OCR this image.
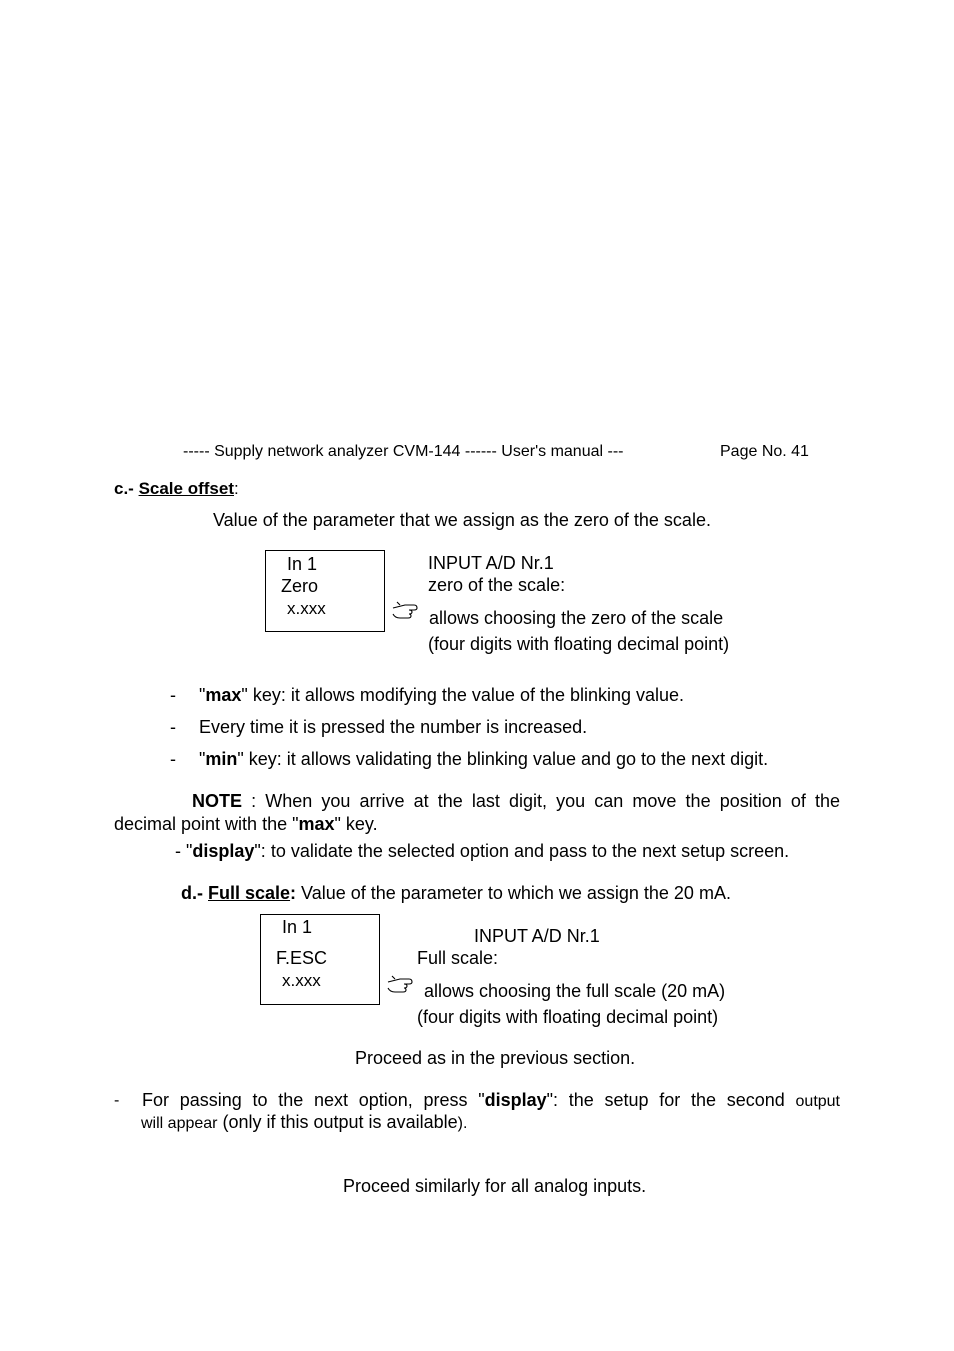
----- Supply network analyzer CVM-144 ------ User's manual ---	Page No. 41
c.- Scale offset:
Value of the parameter that we assign as the zero of the scale.
In 1
Zero
x.xxx
INPUT A/D Nr.1
zero of the scale:
allows choosing the zero of the scale
(four digits with floating decimal point)
- "max" key: it allows modifying the value of the blinking value.
- Every time it is pressed the number is increased.
- "min" key: it allows validating the blinking value and go to the next digit.
NOTE : When you arrive at the last digit, you can move the position of the
decimal point with the "max" key.
- "display": to validate the selected option and pass to the next setup screen.
d.- Full scale: Value of the parameter to which we assign the 20 mA.
In 1
F.ESC
x.xxx
INPUT A/D Nr.1
Full scale:
allows choosing the full scale (20 mA)
(four digits with floating decimal point)
Proceed as in the previous section.
- For passing to the next option, press "display": the setup for the second output
will appear (only if this output is available).
Proceed similarly for all analog inputs.
